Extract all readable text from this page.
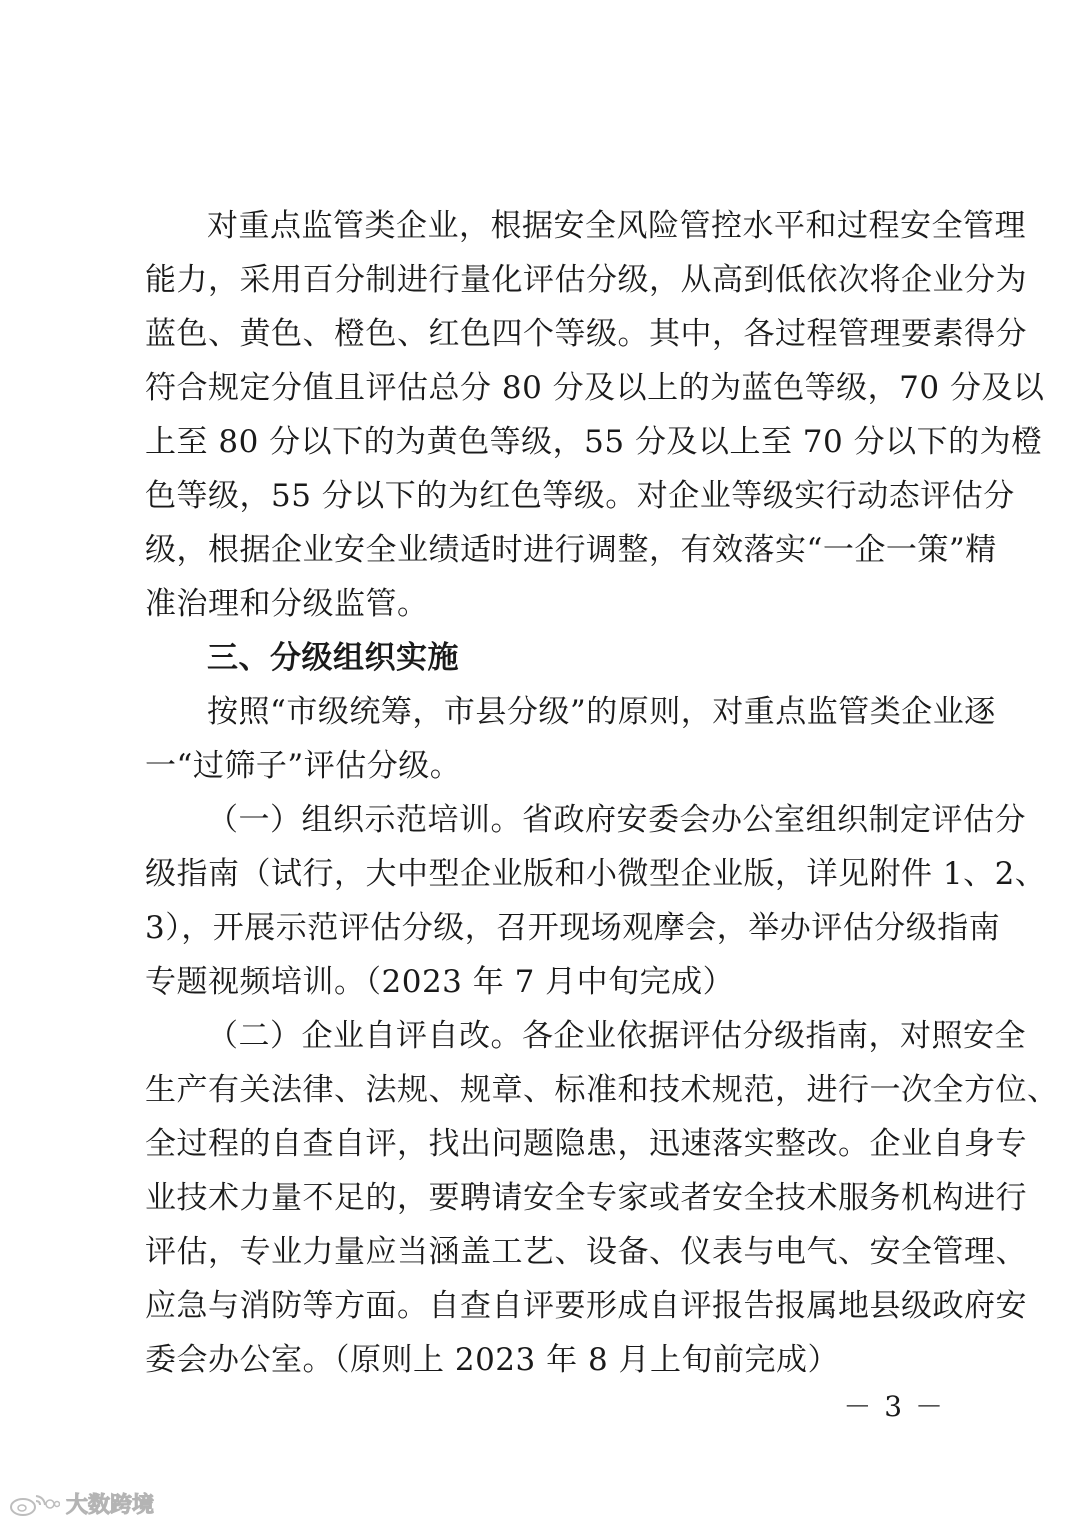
对重点监管类企业，根据安全风险管控水平和过程安全管理
能力，采用百分制进行量化评估分级，从高到低依次将企业分为
蓝色、黄色、橙色、红色四个等级。其中，各过程管理要素得分
符合规定分值且评估总分 80 分及以上的为蓝色等级，70 分及以
上至 80 分以下的为黄色等级，55 分及以上至 70 分以下的为橙
色等级，55 分以下的为红色等级。对企业等级实行动态评估分
级，根据企业安全业绩适时进行调整，有效落实“一企一策”精
准治理和分级监管。
三、分级组织实施
按照“市级统筹，市县分级”的原则，对重点监管类企业逐
一“过筛子”评估分级。
（一）组织示范培训。省政府安委会办公室组织制定评估分
级指南（试行，大中型企业版和小微型企业版，详见附件 1、2、
3），开展示范评估分级，召开现场观摩会，举办评估分级指南
专题视频培训。（2023 年 7 月中旬完成）
（二）企业自评自改。各企业依据评估分级指南，对照安全
生产有关法律、法规、规章、标准和技术规范，进行一次全方位、
全过程的自查自评，找出问题隐患，迅速落实整改。企业自身专
业技术力量不足的，要聘请安全专家或者安全技术服务机构进行
评估，专业力量应当涵盖工艺、设备、仪表与电气、安全管理、
应急与消防等方面。自查自评要形成自评报告报属地县级政府安
委会办公室。（原则上 2023 年 8 月上旬前完成）
－ 3 －
大数跨境
